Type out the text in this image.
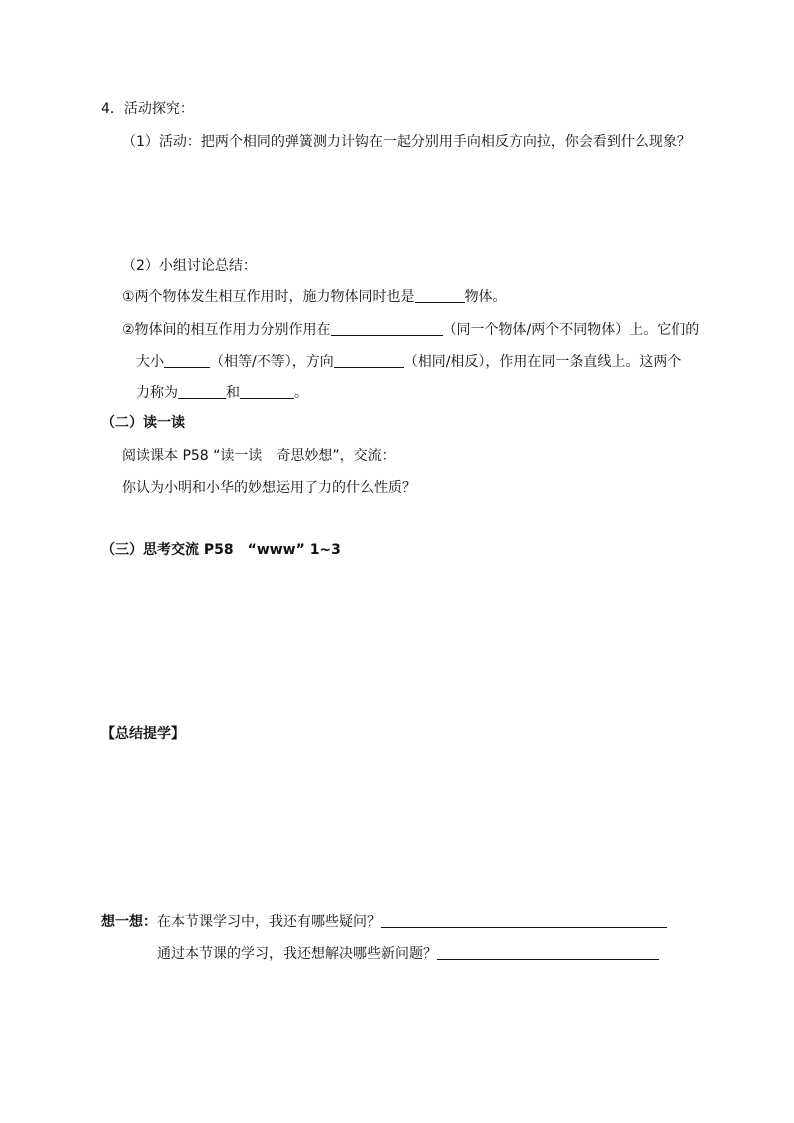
4．活动探究：
（1）活动：把两个相同的弹簧测力计钩在一起分别用手向相反方向拉，你会看到什么现象？
（2）小组讨论总结：
①两个物体发生相互作用时，施力物体同时也是	物体。
②物体间的相互作用力分别作用在	（同一个物体/两个不同物体）上。它们的
大小	（相等/不等），方向	（相同/相反），作用在同一条直线上。这两个
力称为	和	。
（二）读一读
阅读课本 P58 “读一读　奇思妙想”，交流：
你认为小明和小华的妙想运用了力的什么性质？
（三）思考交流 P58　“www” 1~3
【总结提学】
想一想：在本节课学习中，我还有哪些疑问？
通过本节课的学习，我还想解决哪些新问题？
